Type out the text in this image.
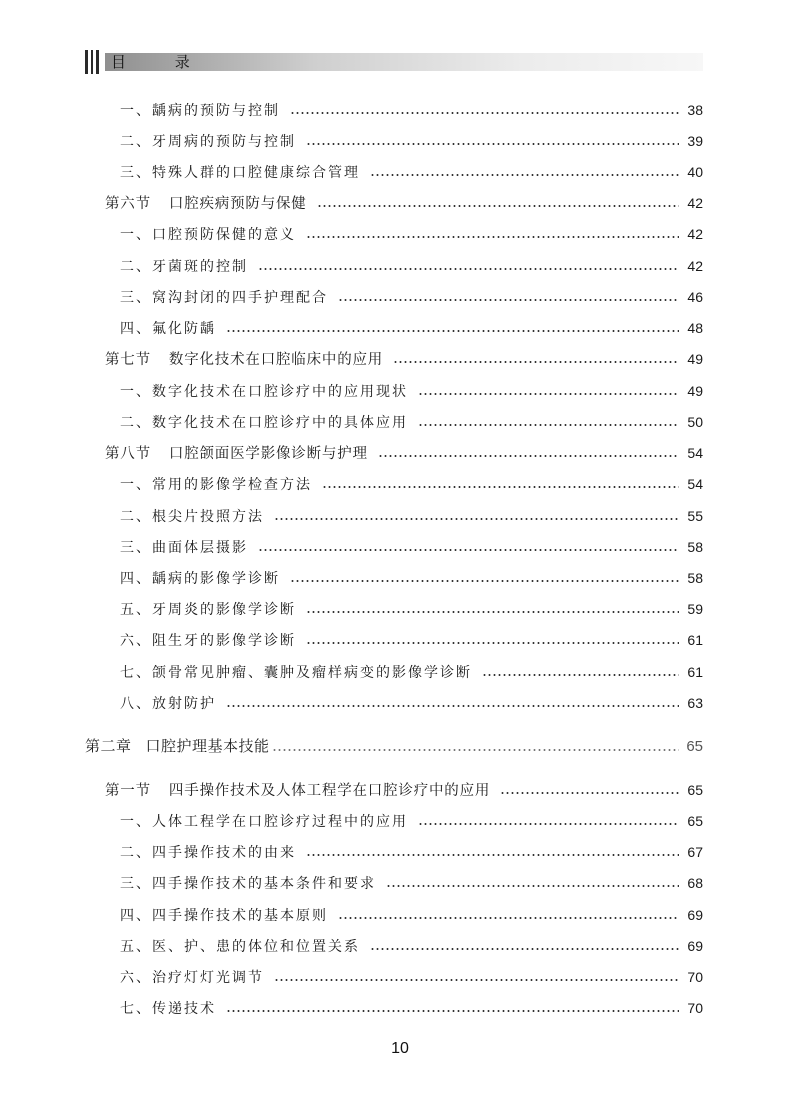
目 录
一、龋病的预防与控制	38
二、牙周病的预防与控制	39
三、特殊人群的口腔健康综合管理	40
第六节 口腔疾病预防与保健	42
一、口腔预防保健的意义	42
二、牙菌斑的控制	42
三、窝沟封闭的四手护理配合	46
四、氟化防龋	48
第七节 数字化技术在口腔临床中的应用	49
一、数字化技术在口腔诊疗中的应用现状	49
二、数字化技术在口腔诊疗中的具体应用	50
第八节 口腔颌面医学影像诊断与护理	54
一、常用的影像学检查方法	54
二、根尖片投照方法	55
三、曲面体层摄影	58
四、龋病的影像学诊断	58
五、牙周炎的影像学诊断	59
六、阻生牙的影像学诊断	61
七、颌骨常见肿瘤、囊肿及瘤样病变的影像学诊断	61
八、放射防护	63
第二章 口腔护理基本技能	65
第一节 四手操作技术及人体工程学在口腔诊疗中的应用	65
一、人体工程学在口腔诊疗过程中的应用	65
二、四手操作技术的由来	67
三、四手操作技术的基本条件和要求	68
四、四手操作技术的基本原则	69
五、医、护、患的体位和位置关系	69
六、治疗灯灯光调节	70
七、传递技术	70
10
